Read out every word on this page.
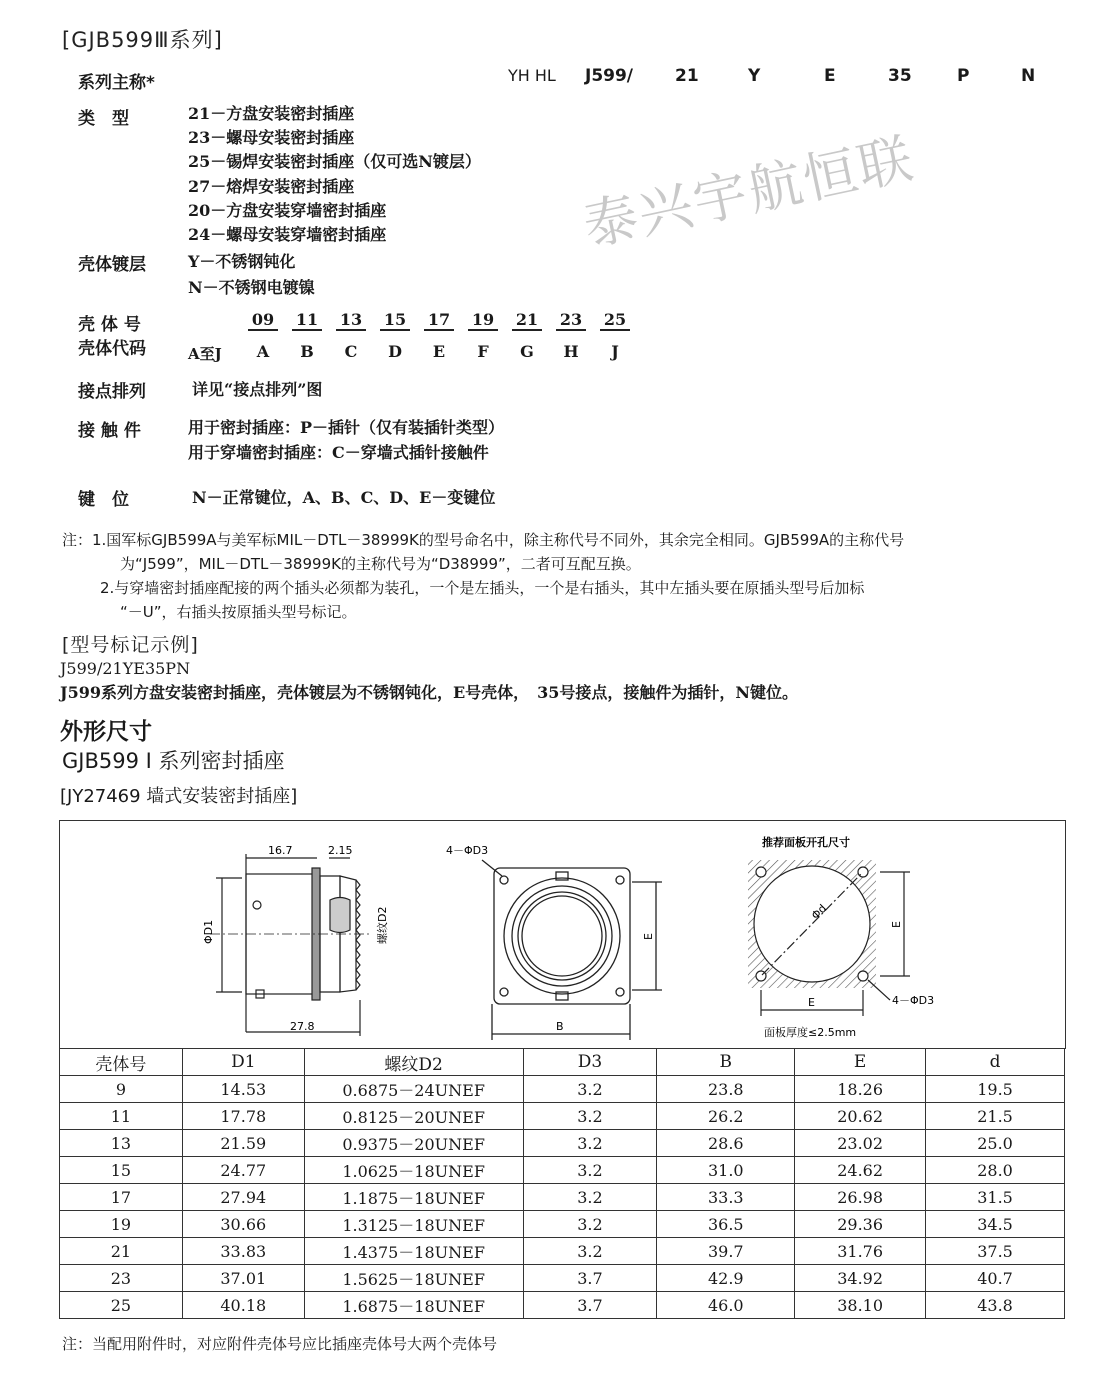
泰兴宇航恒联
[GJB599Ⅲ系列]
系列主称*	YH HL J599/ 21	Y	E	35	P	N
类　型	21－方盘安装密封插座
23－螺母安装密封插座
25－锡焊安装密封插座（仅可选N镀层）
27－熔焊安装密封插座
20－方盘安装穿墙密封插座
24－螺母安装穿墙密封插座
壳体镀层	Y－不锈钢钝化
N－不锈钢电镀镍
壳 体 号
壳体代码	A至J
09 11 13 15 17 19 21 23 25
A	B	C	D	E	F	G	H	J
接点排列	详见“接点排列”图
接 触 件	用于密封插座：P－插针（仅有装插针类型）
用于穿墙密封插座：C－穿墙式插针接触件
键　位	N－正常键位，A、B、C、D、E－变键位
注：1.国军标GJB599A与美军标MIL－DTL－38999K的型号命名中，除主称代号不同外，其余完全相同。GJB599A的主称代号
为“J599”，MIL－DTL－38999K的主称代号为“D38999”，二者可互配互换。
2.与穿墙密封插座配接的两个插头必须都为装孔，一个是左插头，一个是右插头，其中左插头要在原插头型号后加标
“－U”，右插头按原插头型号标记。
[型号标记示例]
J599/21YE35PN
J599系列方盘安装密封插座，壳体镀层为不锈钢钝化，E号壳体，　35号接点，接触件为插针，N键位。
外形尺寸
GJB599 I 系列密封插座
[JY27469 墙式安装密封插座]
16.7	2.15
27.8
ΦD1	螺纹D2
4－ΦD3
E
B
推荐面板开孔尺寸
Φd
E
E	4－ΦD3
面板厚度≤2.5mm
壳体号	D1	螺纹D2	D3	B	E	d
9	14.53	0.6875－24UNEF	3.2	23.8	18.26	19.5
11	17.78	0.8125－20UNEF	3.2	26.2	20.62	21.5
13	21.59	0.9375－20UNEF	3.2	28.6	23.02	25.0
15	24.77	1.0625－18UNEF	3.2	31.0	24.62	28.0
17	27.94	1.1875－18UNEF	3.2	33.3	26.98	31.5
19	30.66	1.3125－18UNEF	3.2	36.5	29.36	34.5
21	33.83	1.4375－18UNEF	3.2	39.7	31.76	37.5
23	37.01	1.5625－18UNEF	3.7	42.9	34.92	40.7
25	40.18	1.6875－18UNEF	3.7	46.0	38.10	43.8
注：当配用附件时，对应附件壳体号应比插座壳体号大两个壳体号
